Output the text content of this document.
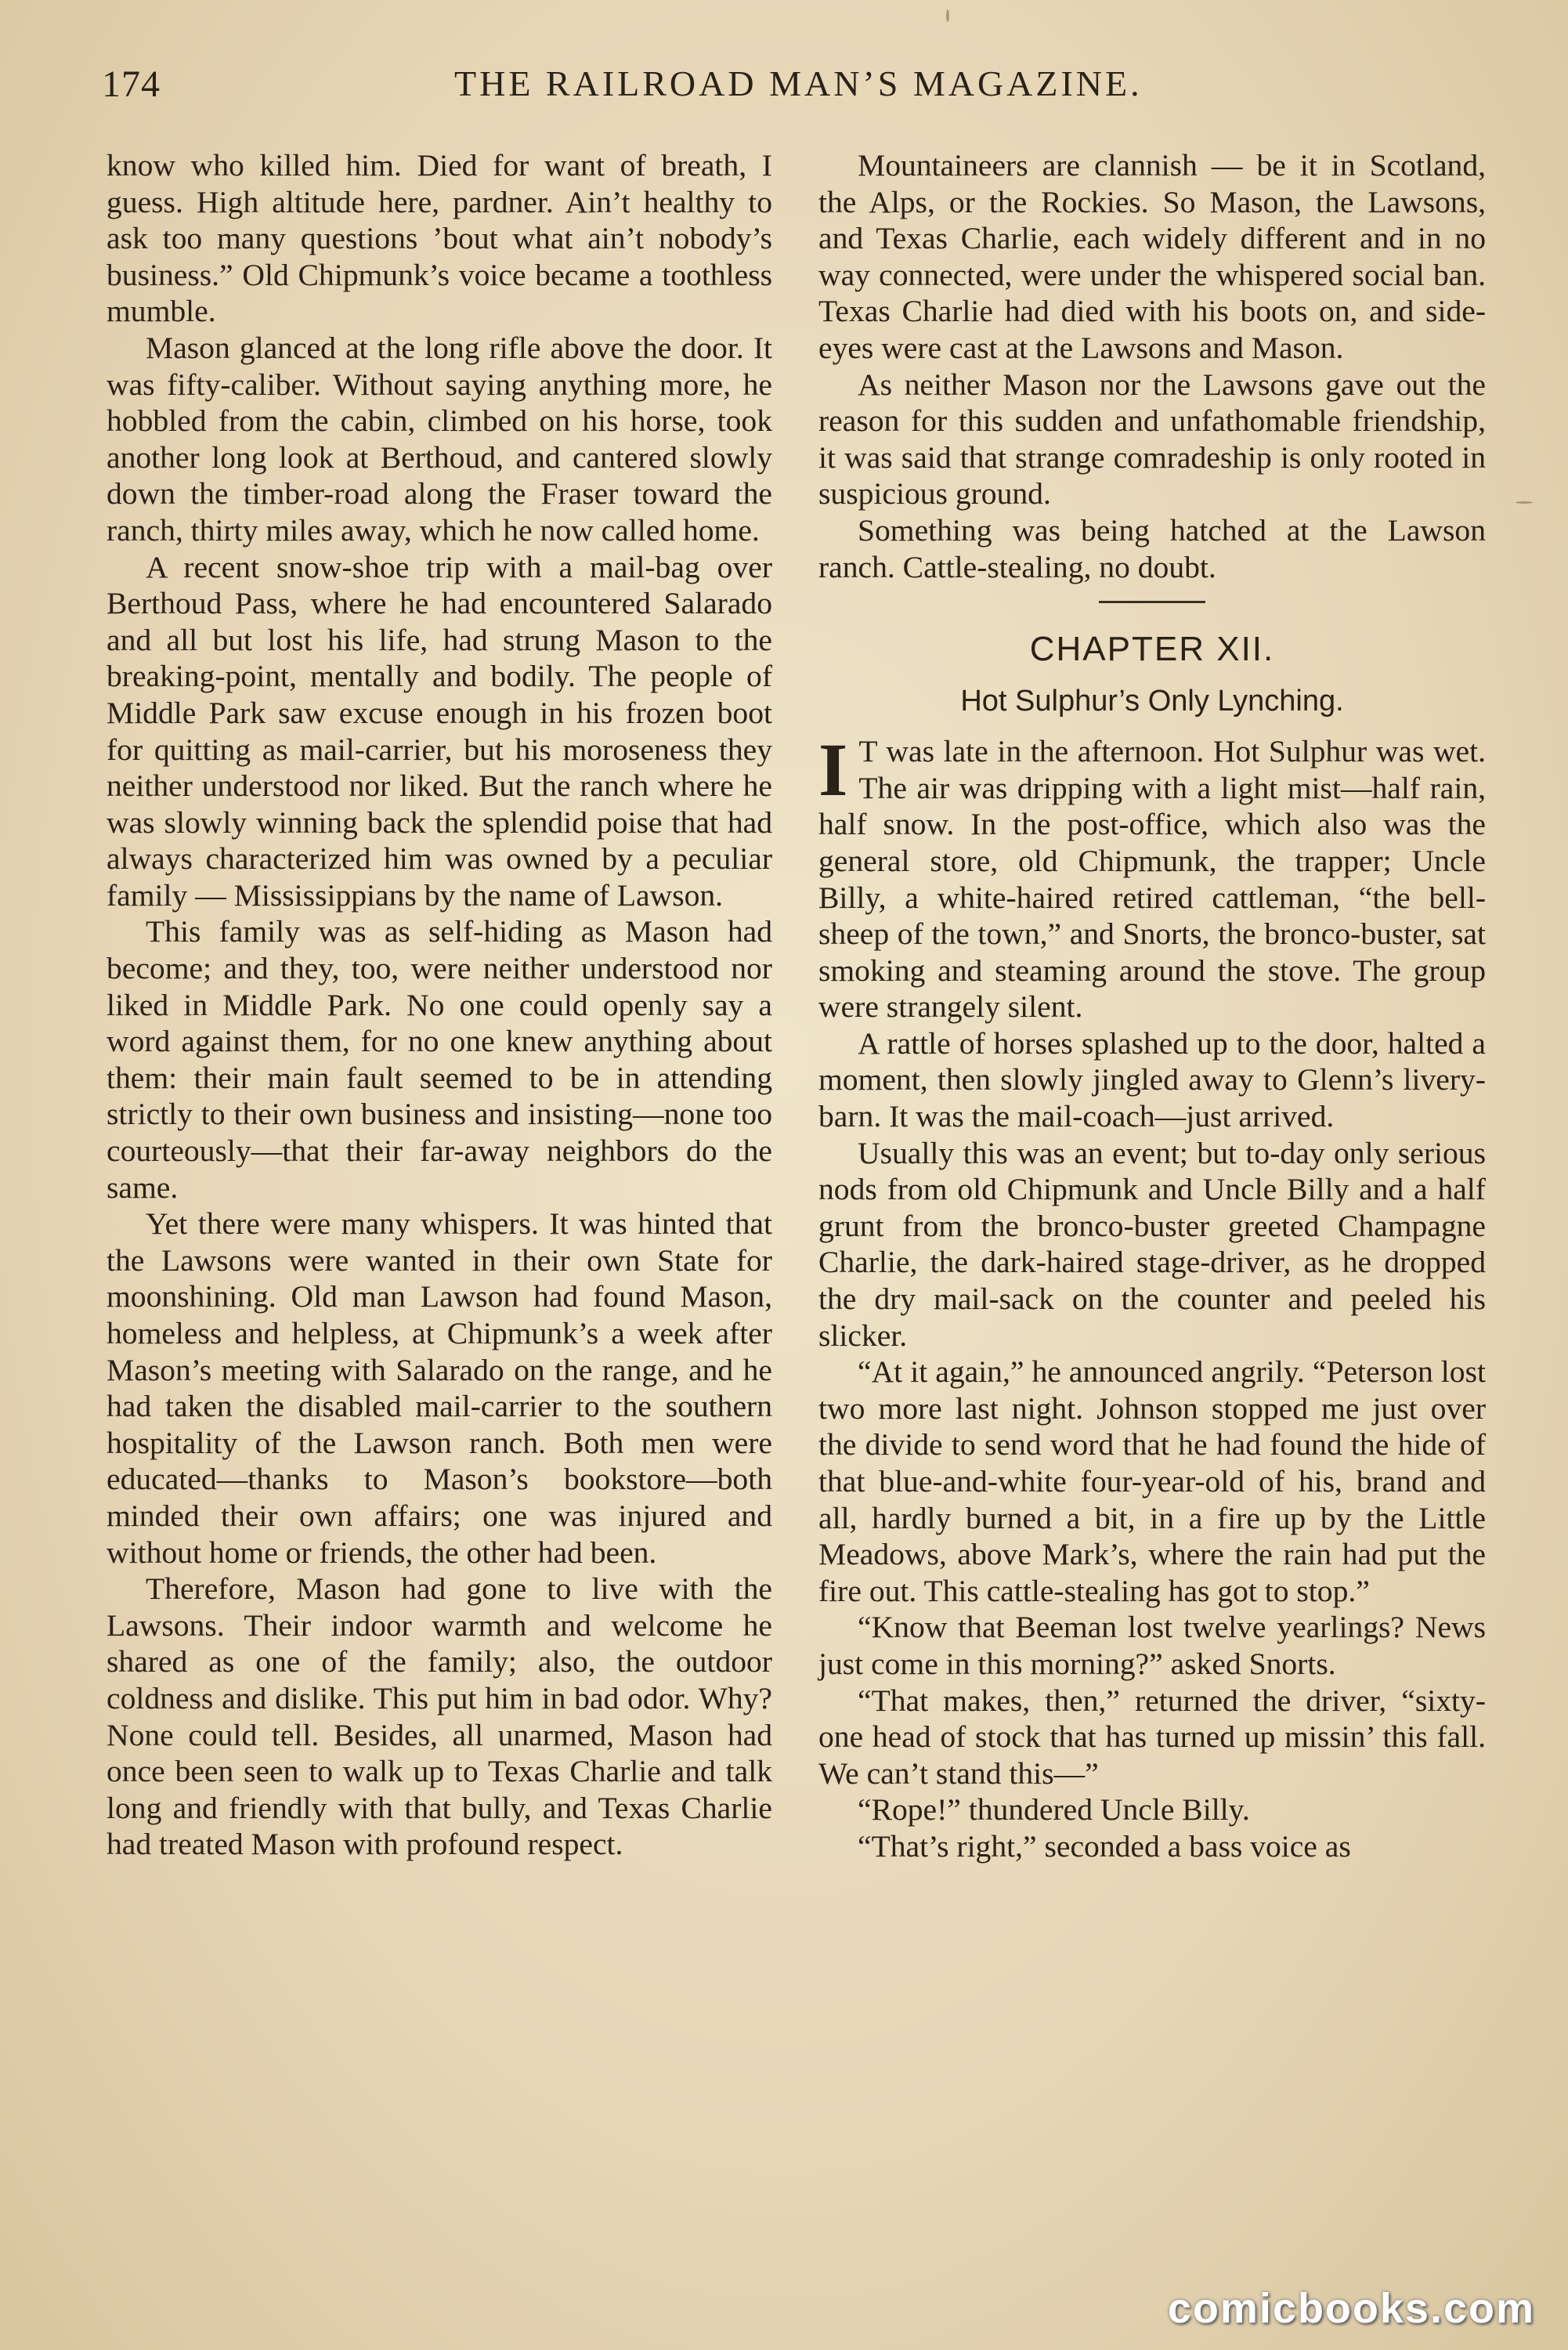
174	THE RAILROAD MAN’S MAGAZINE.

know who killed him. Died for want of breath, I guess. High altitude here, pardner. Ain’t healthy to ask too many questions ’bout what ain’t nobody’s business.” Old Chipmunk’s voice became a toothless mumble.

Mason glanced at the long rifle above the door. It was fifty-caliber. Without saying anything more, he hobbled from the cabin, climbed on his horse, took another long look at Berthoud, and cantered slowly down the timber-road along the Fraser toward the ranch, thirty miles away, which he now called home.

A recent snow-shoe trip with a mail-bag over Berthoud Pass, where he had encountered Salarado and all but lost his life, had strung Mason to the breaking-point, mentally and bodily. The people of Middle Park saw excuse enough in his frozen boot for quitting as mail-carrier, but his moroseness they neither understood nor liked. But the ranch where he was slowly winning back the splendid poise that had always characterized him was owned by a peculiar family — Mississippians by the name of Lawson.

This family was as self-hiding as Mason had become; and they, too, were neither understood nor liked in Middle Park. No one could openly say a word against them, for no one knew anything about them: their main fault seemed to be in attending strictly to their own business and insisting—none too courteously—that their far-away neighbors do the same.

Yet there were many whispers. It was hinted that the Lawsons were wanted in their own State for moonshining. Old man Lawson had found Mason, homeless and helpless, at Chipmunk’s a week after Mason’s meeting with Salarado on the range, and he had taken the disabled mail-carrier to the southern hospitality of the Lawson ranch. Both men were educated—thanks to Mason’s bookstore—both minded their own affairs; one was injured and without home or friends, the other had been.

Therefore, Mason had gone to live with the Lawsons. Their indoor warmth and welcome he shared as one of the family; also, the outdoor coldness and dislike. This put him in bad odor. Why? None could tell. Besides, all unarmed, Mason had once been seen to walk up to Texas Charlie and talk long and friendly with that bully, and Texas Charlie had treated Mason with profound respect.

Mountaineers are clannish — be it in Scotland, the Alps, or the Rockies. So Mason, the Lawsons, and Texas Charlie, each widely different and in no way connected, were under the whispered social ban. Texas Charlie had died with his boots on, and side-eyes were cast at the Lawsons and Mason.

As neither Mason nor the Lawsons gave out the reason for this sudden and unfathomable friendship, it was said that strange comradeship is only rooted in suspicious ground.

Something was being hatched at the Lawson ranch. Cattle-stealing, no doubt.

CHAPTER XII.
Hot Sulphur’s Only Lynching.

I T was late in the afternoon. Hot Sulphur was wet. The air was dripping with a light mist—half rain, half snow. In the post-office, which also was the general store, old Chipmunk, the trapper; Uncle Billy, a white-haired retired cattleman, “the bell-sheep of the town,” and Snorts, the bronco-buster, sat smoking and steaming around the stove. The group were strangely silent.

A rattle of horses splashed up to the door, halted a moment, then slowly jingled away to Glenn’s livery-barn. It was the mail-coach—just arrived.

Usually this was an event; but to-day only serious nods from old Chipmunk and Uncle Billy and a half grunt from the bronco-buster greeted Champagne Charlie, the dark-haired stage-driver, as he dropped the dry mail-sack on the counter and peeled his slicker.

“At it again,” he announced angrily. “Peterson lost two more last night. Johnson stopped me just over the divide to send word that he had found the hide of that blue-and-white four-year-old of his, brand and all, hardly burned a bit, in a fire up by the Little Meadows, above Mark’s, where the rain had put the fire out. This cattle-stealing has got to stop.”

“Know that Beeman lost twelve yearlings? News just come in this morning?” asked Snorts.

“That makes, then,” returned the driver, “sixty-one head of stock that has turned up missin’ this fall. We can’t stand this—”

“Rope!” thundered Uncle Billy.

“That’s right,” seconded a bass voice as

comicbooks.com
